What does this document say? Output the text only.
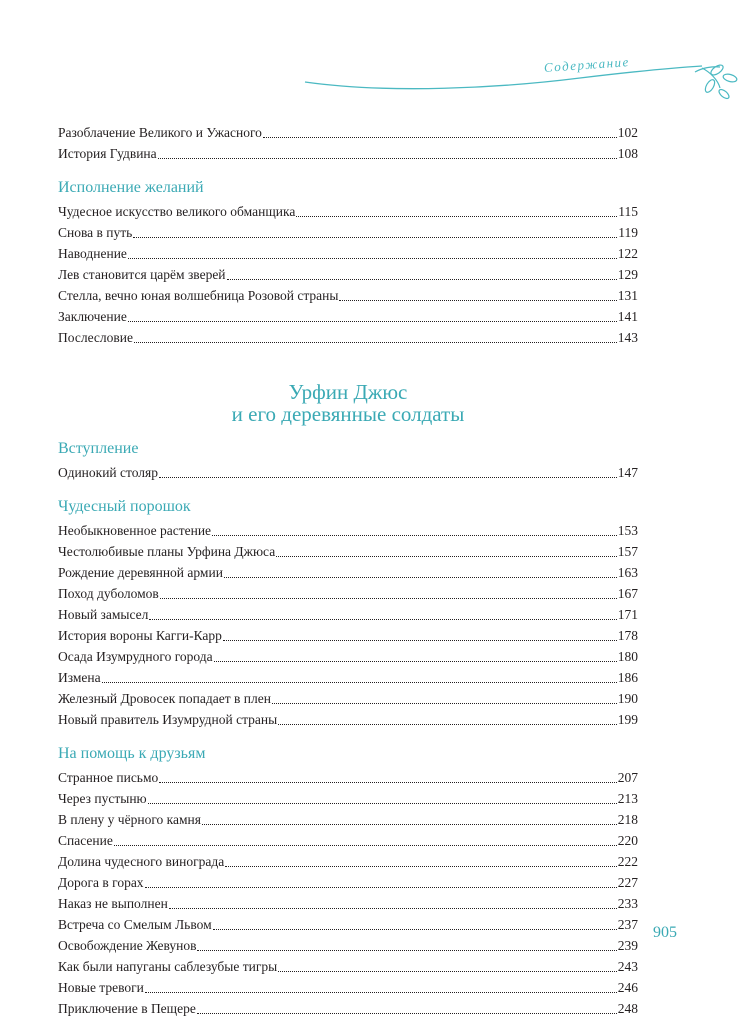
Содержание
Разоблачение Великого и Ужасного	102
История Гудвина	108
Исполнение желаний
Чудесное искусство великого обманщика	115
Снова в путь	119
Наводнение	122
Лев становится царём зверей	129
Стелла, вечно юная волшебница Розовой страны	131
Заключение	141
Послесловие	143
Урфин Джюс
и его деревянные солдаты
Вступление
Одинокий столяр	147
Чудесный порошок
Необыкновенное растение	153
Честолюбивые планы Урфина Джюса	157
Рождение деревянной армии	163
Поход дуболомов	167
Новый замысел	171
История вороны Кагги-Карр	178
Осада Изумрудного города	180
Измена	186
Железный Дровосек попадает в плен	190
Новый правитель Изумрудной страны	199
На помощь к друзьям
Странное письмо	207
Через пустыню	213
В плену у чёрного камня	218
Спасение	220
Долина чудесного винограда	222
Дорога в горах	227
Наказ не выполнен	233
Встреча со Смелым Львом	237
Освобождение Жевунов	239
Как были напуганы саблезубые тигры	243
Новые тревоги	246
Приключение в Пещере	248
905
